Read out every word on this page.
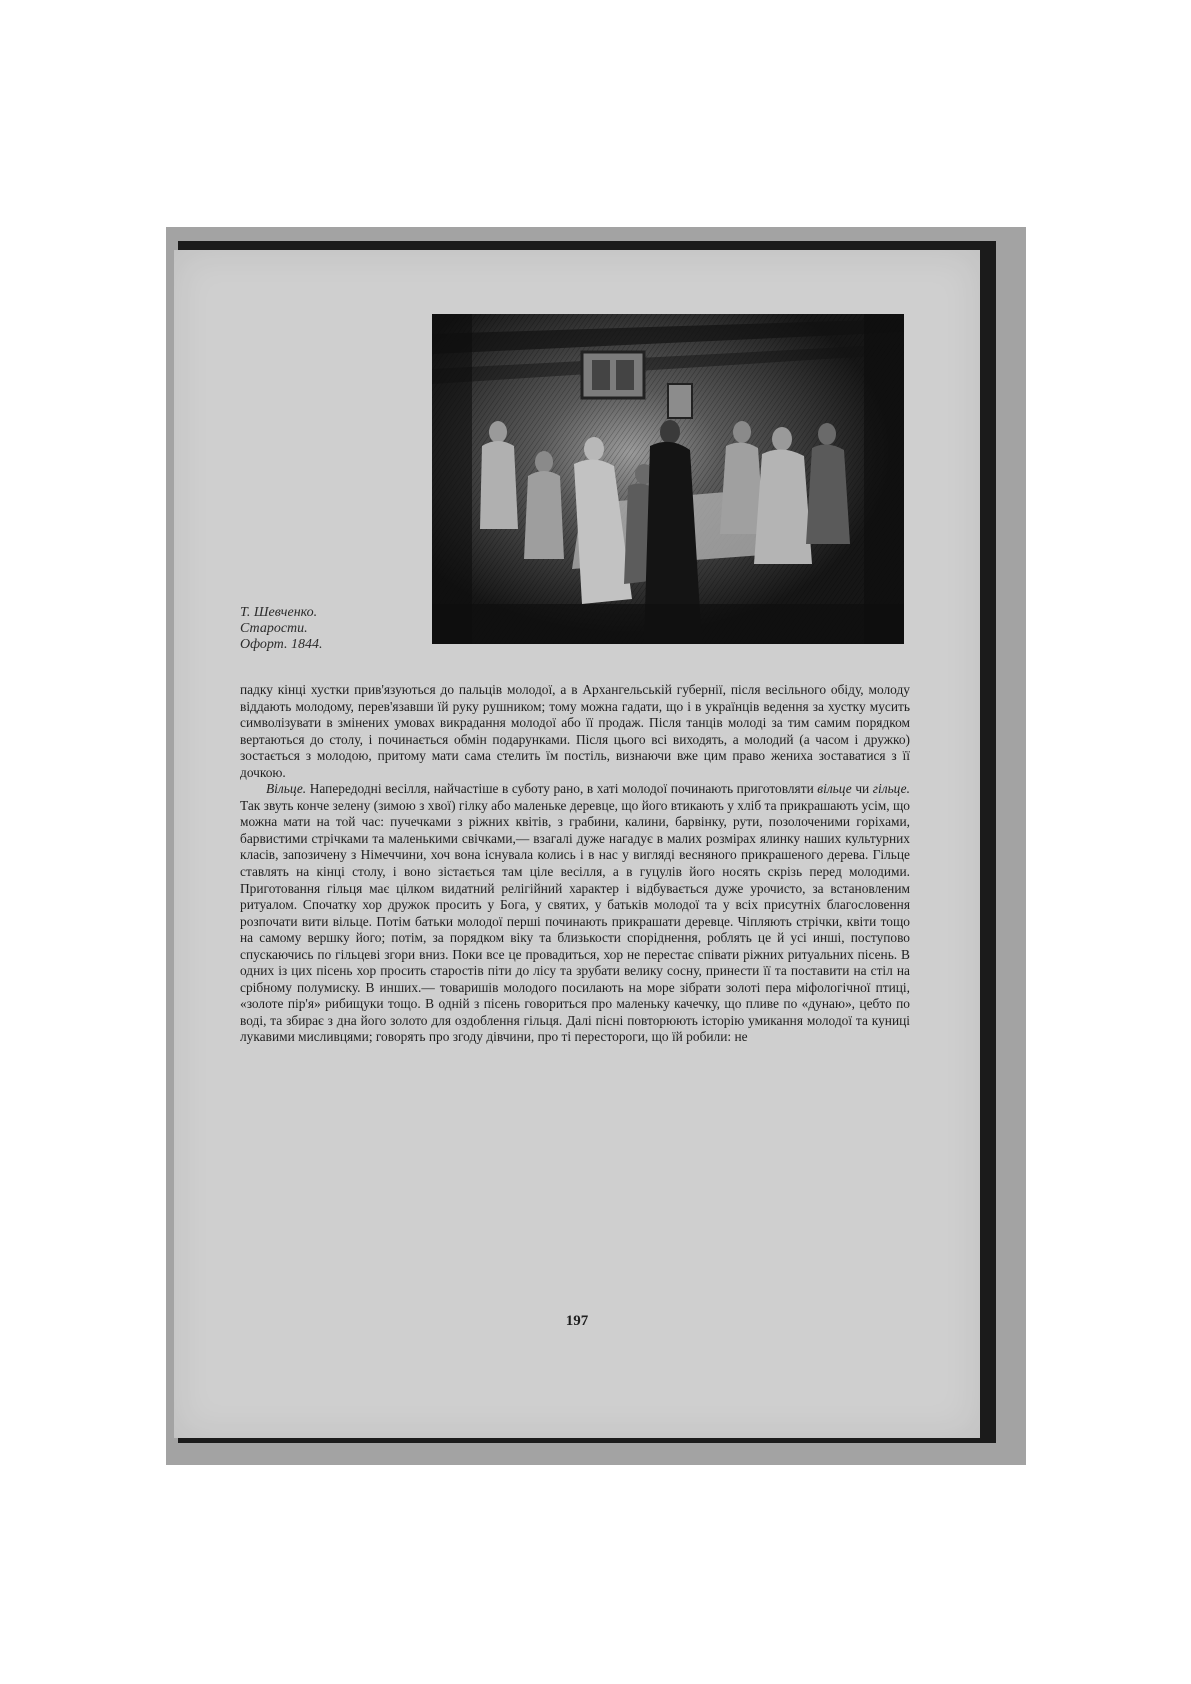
Т. Шевченко.
Старости.
Офорт. 1844.

падку кінці хустки прив'язуються до пальців молодої, а в Архангельській губернії, після весільного обіду, молоду віддають молодому, перев'язавши їй руку рушником; тому можна гадати, що і в українців ведення за хустку мусить символізувати в змінених умовах викрадання молодої або її продаж. Після танців молоді за тим самим порядком вертаються до столу, і починається обмін подарунками. Після цього всі виходять, а молодий (а часом і дружко) зостається з молодою, притому мати сама стелить їм постіль, визнаючи вже цим право жениха зоставатися з її дочкою.

Вільце. Напередодні весілля, найчастіше в суботу рано, в хаті молодої починають приготовляти вільце чи гільце. Так звуть конче зелену (зимою з хвої) гілку або маленьке деревце, що його втикають у хліб та прикрашають усім, що можна мати на той час: пучечками з ріжних квітів, з грабини, калини, барвінку, рути, позолоченими горіхами, барвистими стрічками та маленькими свічками,— взагалі дуже нагадує в малих розмірах ялинку наших культурних класів, запозичену з Німеччини, хоч вона існувала колись і в нас у вигляді весняного прикрашеного дерева. Гільце ставлять на кінці столу, і воно зістається там ціле весілля, а в гуцулів його носять скрізь перед молодими. Приготовання гільця має цілком видатний релігійний характер і відбувається дуже урочисто, за встановленим ритуалом. Спочатку хор дружок просить у Бога, у святих, у батьків молодої та у всіх присутніх благословення розпочати вити вільце. Потім батьки молодої перші починають прикрашати деревце. Чіпляють стрічки, квіти тощо на самому вершку його; потім, за порядком віку та близькости споріднення, роблять це й усі инші, поступово спускаючись по гільцеві згори вниз. Поки все це провадиться, хор не перестає співати ріжних ритуальних пісень. В одних із цих пісень хор просить старостів піти до лісу та зрубати велику сосну, принести її та поставити на стіл на срібному полумиску. В инших.— товаришів молодого посилають на море зібрати золоті пера міфологічної птиці, «золоте пір'я» рибищуки тощо. В одній з пісень говориться про маленьку качечку, що пливе по «дунаю», цебто по воді, та збирає з дна його золото для оздоблення гільця. Далі пісні повторюють історію умикання молодої та куниці лукавими мисливцями; говорять про згоду дівчини, про ті перестороги, що їй робили: не

197
